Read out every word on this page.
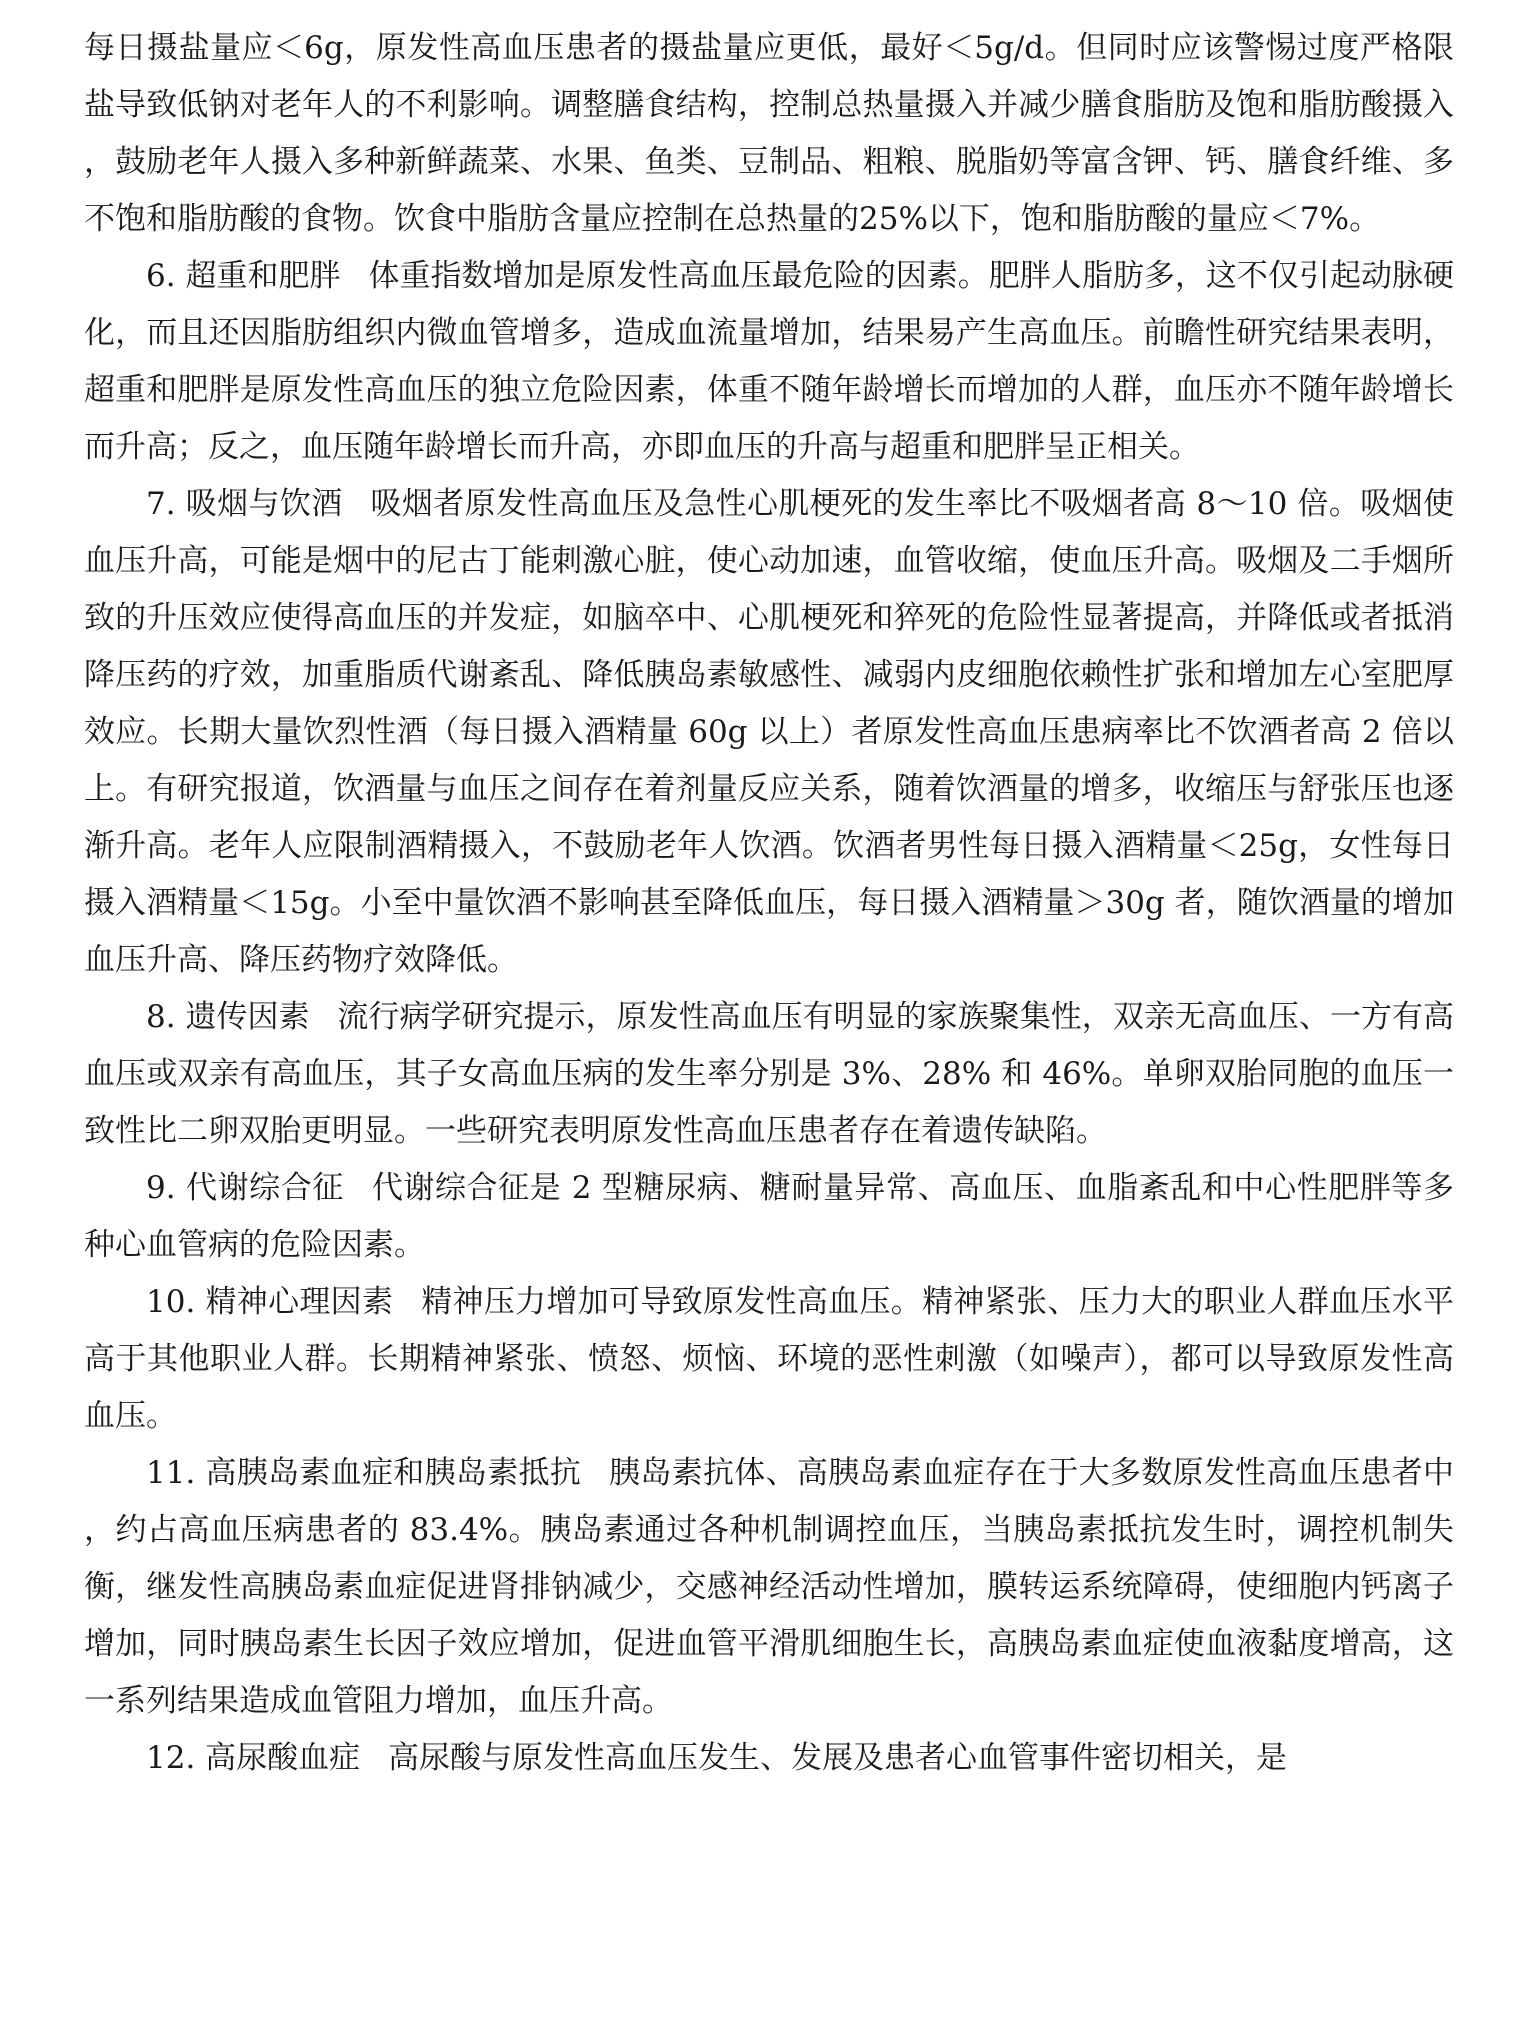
每日摄盐量应＜6g，原发性高血压患者的摄盐量应更低，最好＜5g/d。但同时应该警惕过度严格限盐导致低钠对老年人的不利影响。调整膳食结构，控制总热量摄入并减少膳食脂肪及饱和脂肪酸摄入，鼓励老年人摄入多种新鲜蔬菜、水果、鱼类、豆制品、粗粮、脱脂奶等富含钾、钙、膳食纤维、多不饱和脂肪酸的食物。饮食中脂肪含量应控制在总热量的25%以下，饱和脂肪酸的量应＜7%。

6. 超重和肥胖 体重指数增加是原发性高血压最危险的因素。肥胖人脂肪多，这不仅引起动脉硬化，而且还因脂肪组织内微血管增多，造成血流量增加，结果易产生高血压。前瞻性研究结果表明，超重和肥胖是原发性高血压的独立危险因素，体重不随年龄增长而增加的人群，血压亦不随年龄增长而升高；反之，血压随年龄增长而升高，亦即血压的升高与超重和肥胖呈正相关。

7. 吸烟与饮酒 吸烟者原发性高血压及急性心肌梗死的发生率比不吸烟者高 8～10 倍。吸烟使血压升高，可能是烟中的尼古丁能刺激心脏，使心动加速，血管收缩，使血压升高。吸烟及二手烟所致的升压效应使得高血压的并发症，如脑卒中、心肌梗死和猝死的危险性显著提高，并降低或者抵消降压药的疗效，加重脂质代谢紊乱、降低胰岛素敏感性、减弱内皮细胞依赖性扩张和增加左心室肥厚效应。长期大量饮烈性酒（每日摄入酒精量 60g 以上）者原发性高血压患病率比不饮酒者高 2 倍以上。有研究报道，饮酒量与血压之间存在着剂量反应关系，随着饮酒量的增多，收缩压与舒张压也逐渐升高。老年人应限制酒精摄入，不鼓励老年人饮酒。饮酒者男性每日摄入酒精量＜25g，女性每日摄入酒精量＜15g。小至中量饮酒不影响甚至降低血压，每日摄入酒精量＞30g 者，随饮酒量的增加血压升高、降压药物疗效降低。

8. 遗传因素 流行病学研究提示，原发性高血压有明显的家族聚集性，双亲无高血压、一方有高血压或双亲有高血压，其子女高血压病的发生率分别是 3%、28% 和 46%。单卵双胎同胞的血压一致性比二卵双胎更明显。一些研究表明原发性高血压患者存在着遗传缺陷。

9. 代谢综合征 代谢综合征是 2 型糖尿病、糖耐量异常、高血压、血脂紊乱和中心性肥胖等多种心血管病的危险因素。

10. 精神心理因素 精神压力增加可导致原发性高血压。精神紧张、压力大的职业人群血压水平高于其他职业人群。长期精神紧张、愤怒、烦恼、环境的恶性刺激（如噪声），都可以导致原发性高血压。

11. 高胰岛素血症和胰岛素抵抗 胰岛素抗体、高胰岛素血症存在于大多数原发性高血压患者中，约占高血压病患者的 83.4%。胰岛素通过各种机制调控血压，当胰岛素抵抗发生时，调控机制失衡，继发性高胰岛素血症促进肾排钠减少，交感神经活动性增加，膜转运系统障碍，使细胞内钙离子增加，同时胰岛素生长因子效应增加，促进血管平滑肌细胞生长，高胰岛素血症使血液黏度增高，这一系列结果造成血管阻力增加，血压升高。

12. 高尿酸血症 高尿酸与原发性高血压发生、发展及患者心血管事件密切相关，是
